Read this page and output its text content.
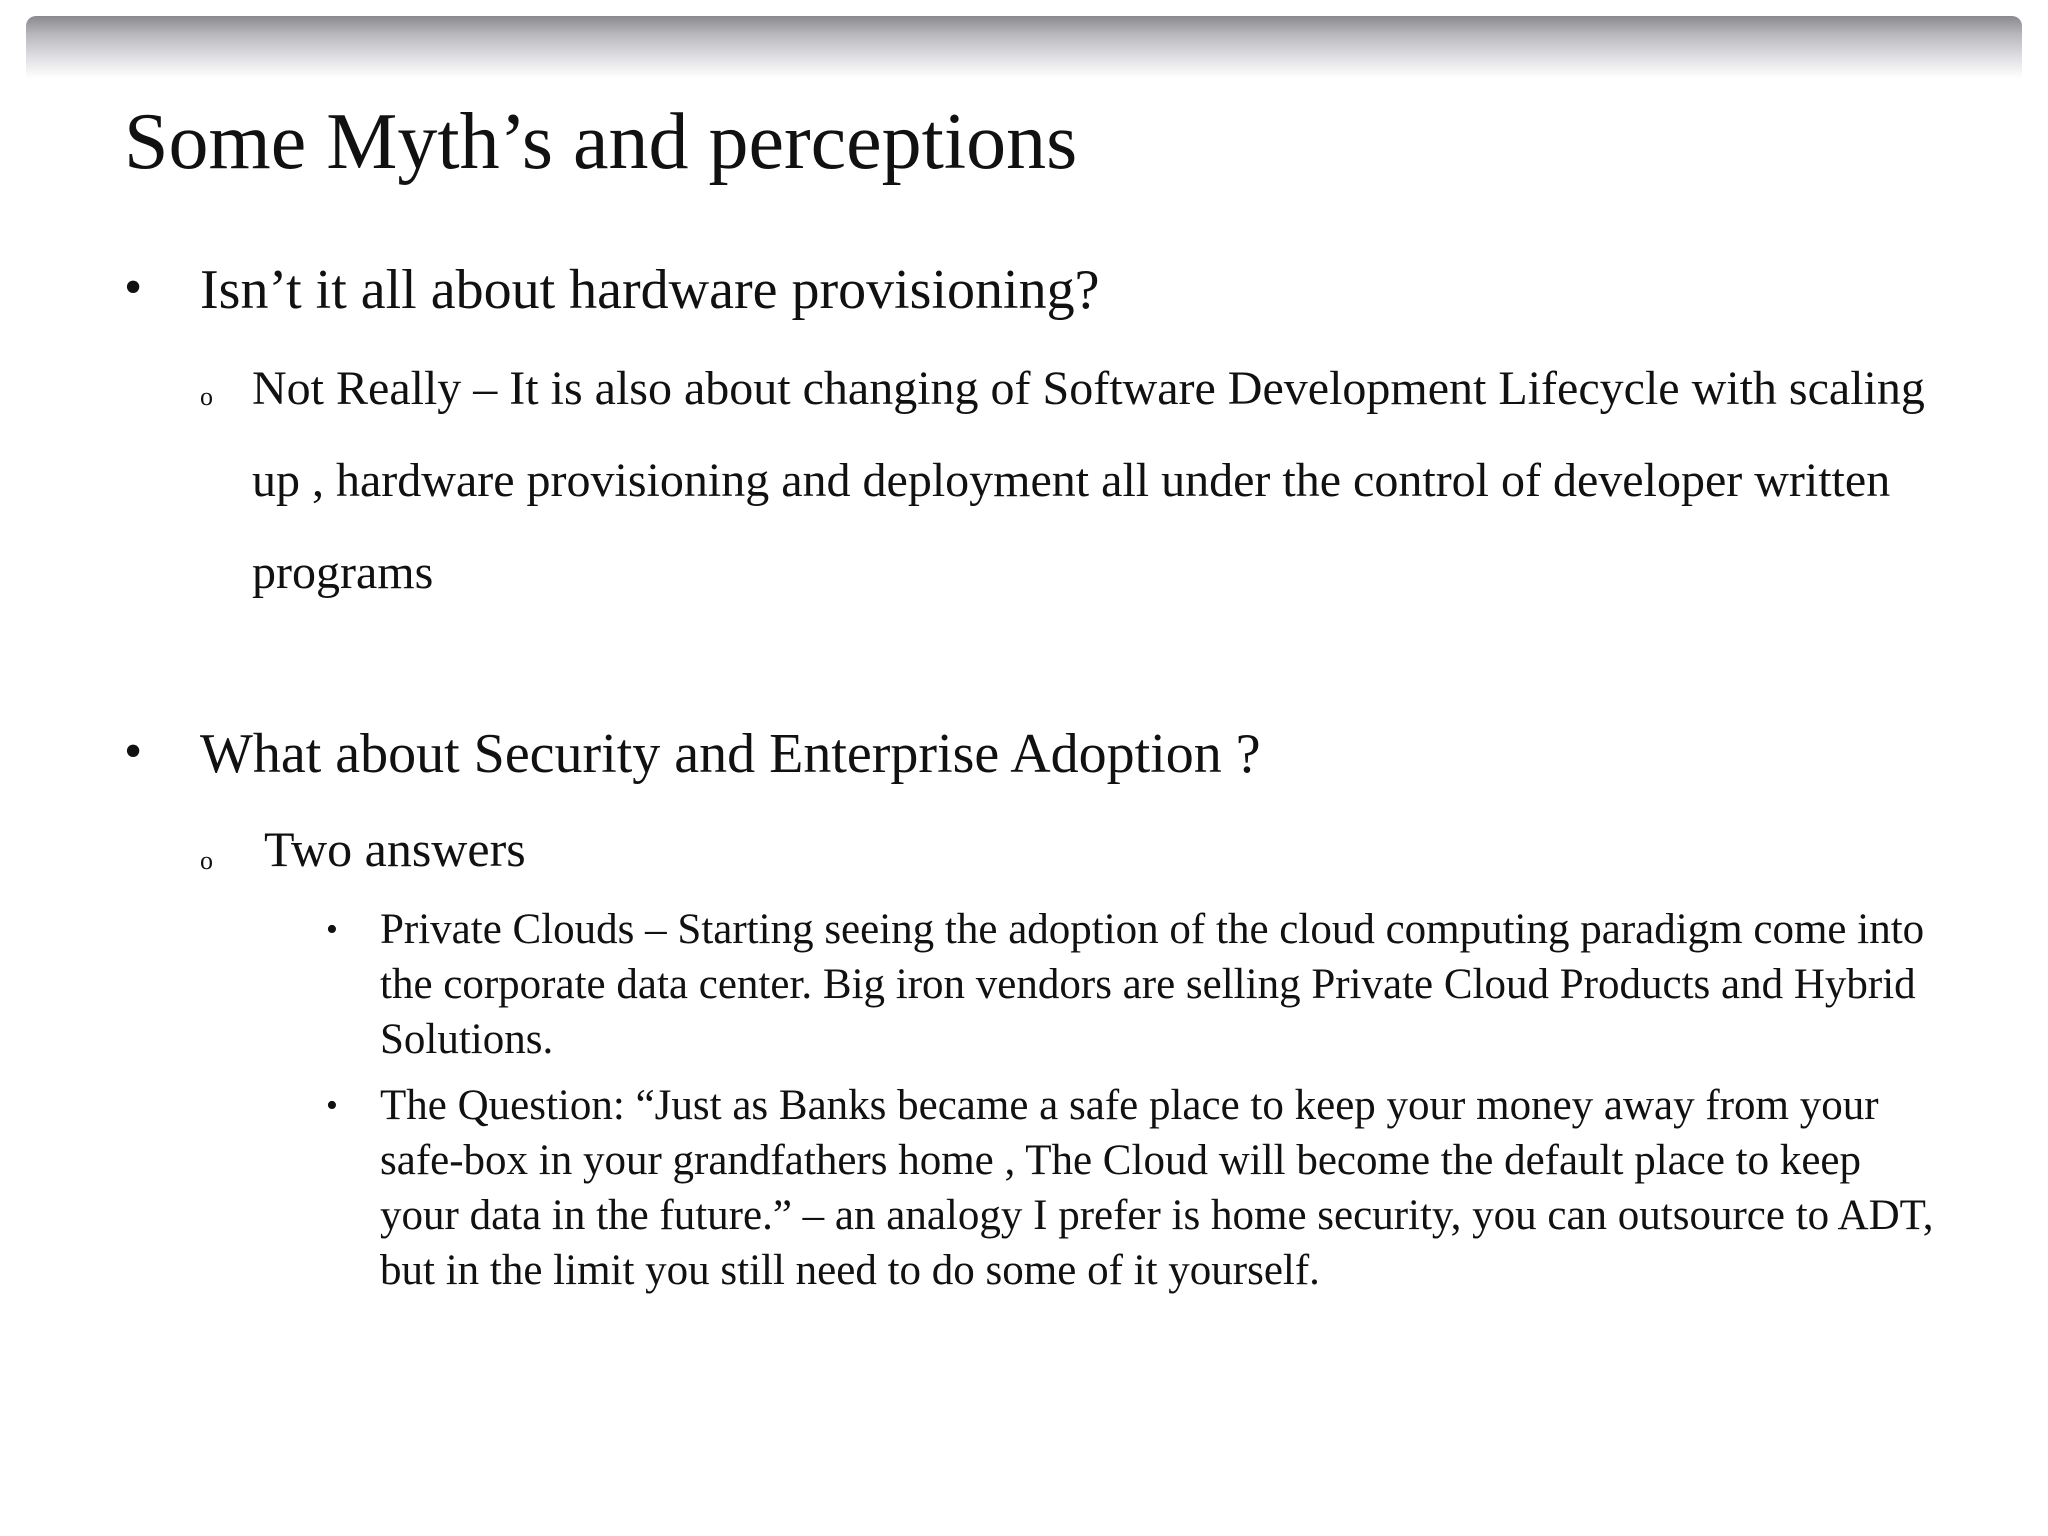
Some Myth’s and perceptions
• Isn’t it all about hardware provisioning?
o Not Really – It is also about changing of Software Development Lifecycle with scaling up , hardware provisioning and deployment all under the control of developer written programs
• What about Security and Enterprise Adoption ?
o Two answers
• Private Clouds – Starting seeing the adoption of the cloud computing paradigm come into the corporate data center. Big iron vendors are selling Private Cloud Products and Hybrid Solutions.
• The Question: “Just as Banks became a safe place to keep your money away from your safe-box in your grandfathers home , The Cloud will become the default place to keep your data in the future.” – an analogy I prefer is home security, you can outsource to ADT, but in the limit you still need to do some of it yourself.
